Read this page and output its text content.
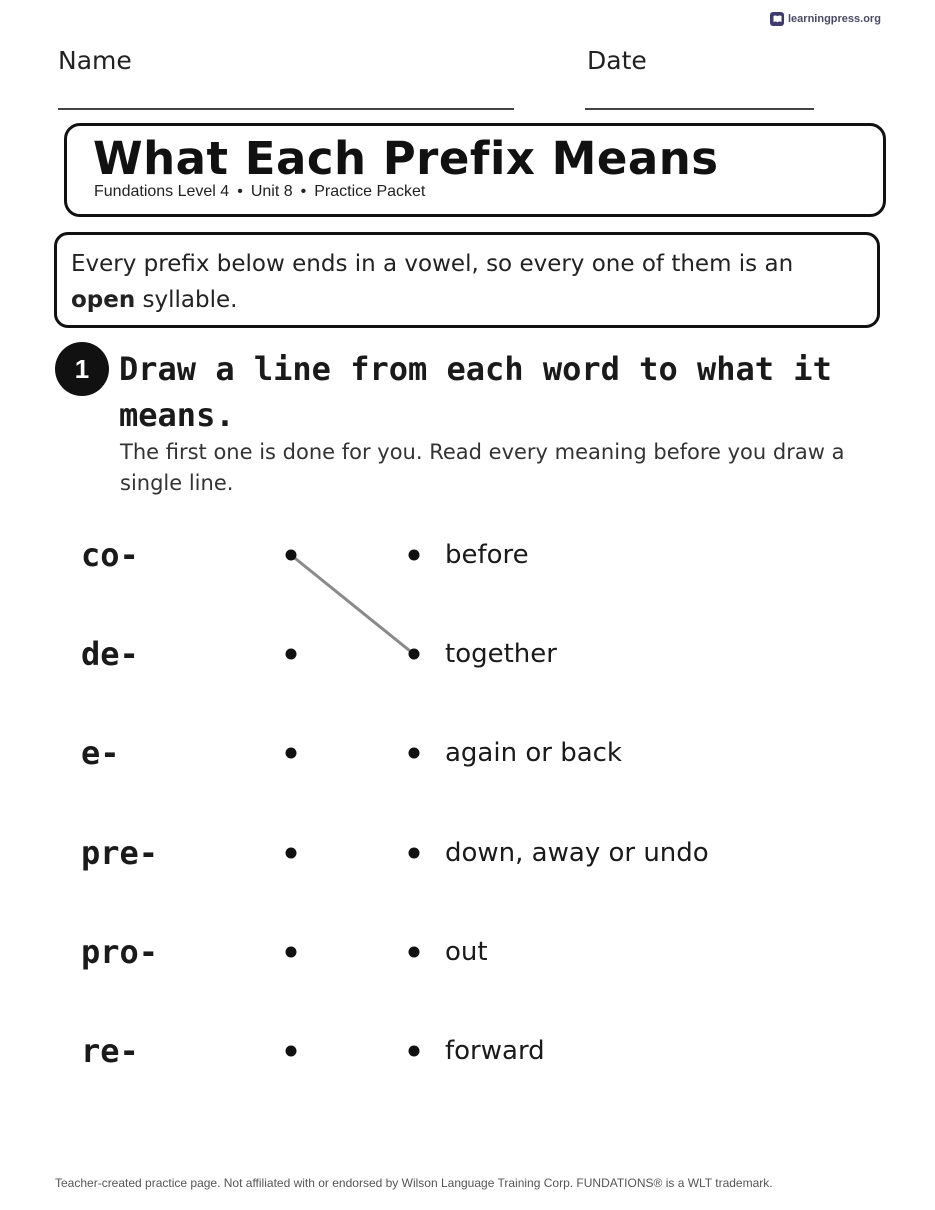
learningpress.org
Name	Date
What Each Prefix Means
Fundations Level 4 • Unit 8 • Practice Packet
Every prefix below ends in a vowel, so every one of them is an open syllable.
1 Draw a line from each word to what it means.
The first one is done for you. Read every meaning before you draw a single line.
co-
de-
e-
pre-
pro-
re-
before
together
again or back
down, away or undo
out
forward
Teacher-created practice page. Not affiliated with or endorsed by Wilson Language Training Corp. FUNDATIONS® is a WLT trademark.
